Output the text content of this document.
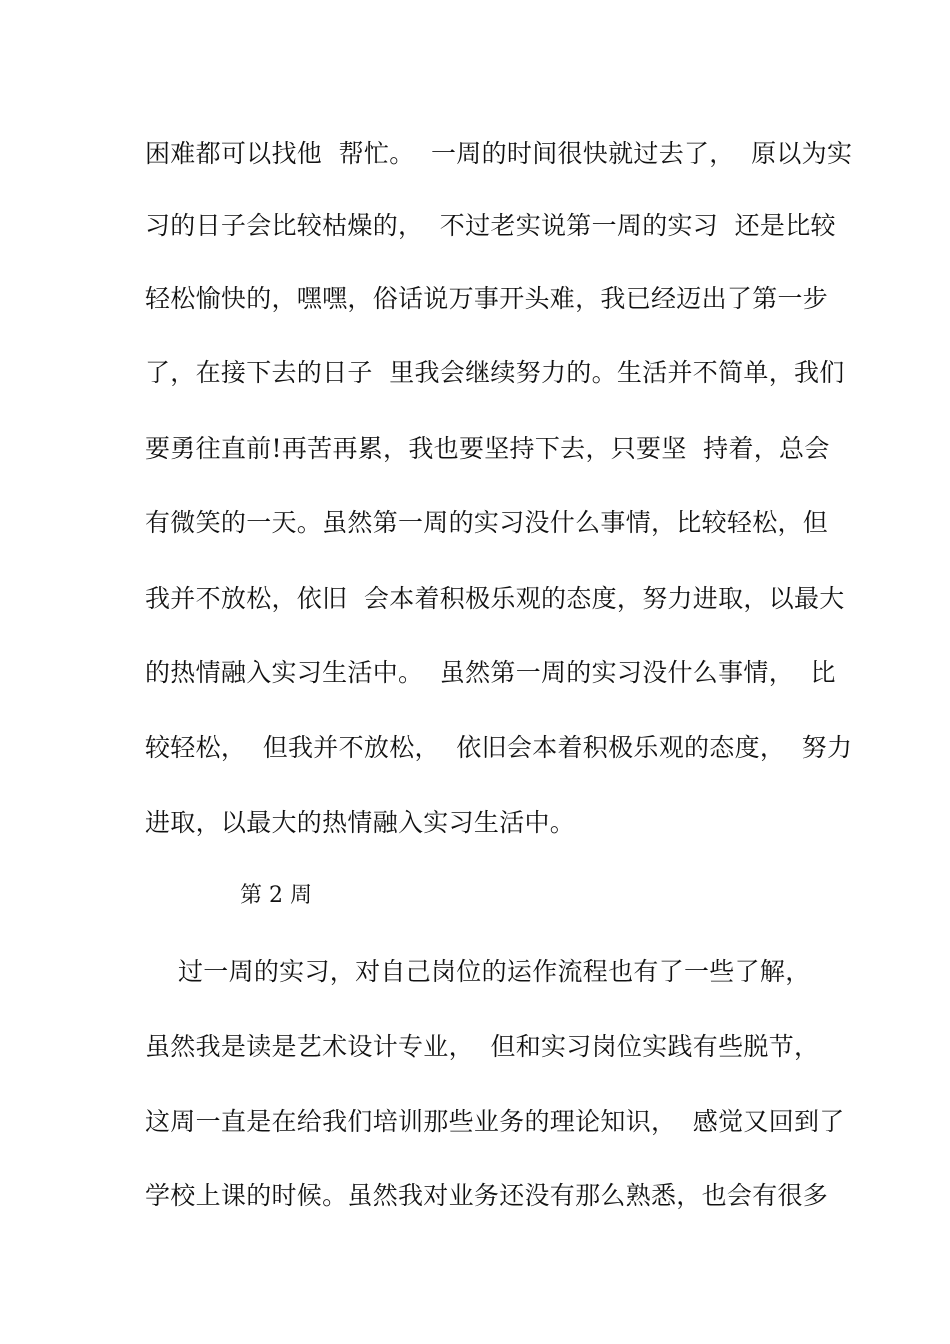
困难都可以找他  帮忙。  一周的时间很快就过去了，  原以为实
习的日子会比较枯燥的，  不过老实说第一周的实习  还是比较
轻松愉快的，嘿嘿，俗话说万事开头难，我已经迈出了第一步
了，在接下去的日子  里我会继续努力的。生活并不简单，我们
要勇往直前!再苦再累，我也要坚持下去，只要坚  持着，总会
有微笑的一天。虽然第一周的实习没什么事情，比较轻松，但
我并不放松，依旧  会本着积极乐观的态度，努力进取，以最大
的热情融入实习生活中。  虽然第一周的实习没什么事情，  比
较轻松，  但我并不放松，  依旧会本着积极乐观的态度，  努力
进取，以最大的热情融入实习生活中。
第 2 周
过一周的实习，对自己岗位的运作流程也有了一些了解，
虽然我是读是艺术设计专业，  但和实习岗位实践有些脱节，
这周一直是在给我们培训那些业务的理论知识，  感觉又回到了
学校上课的时候。虽然我对业务还没有那么熟悉，也会有很多
